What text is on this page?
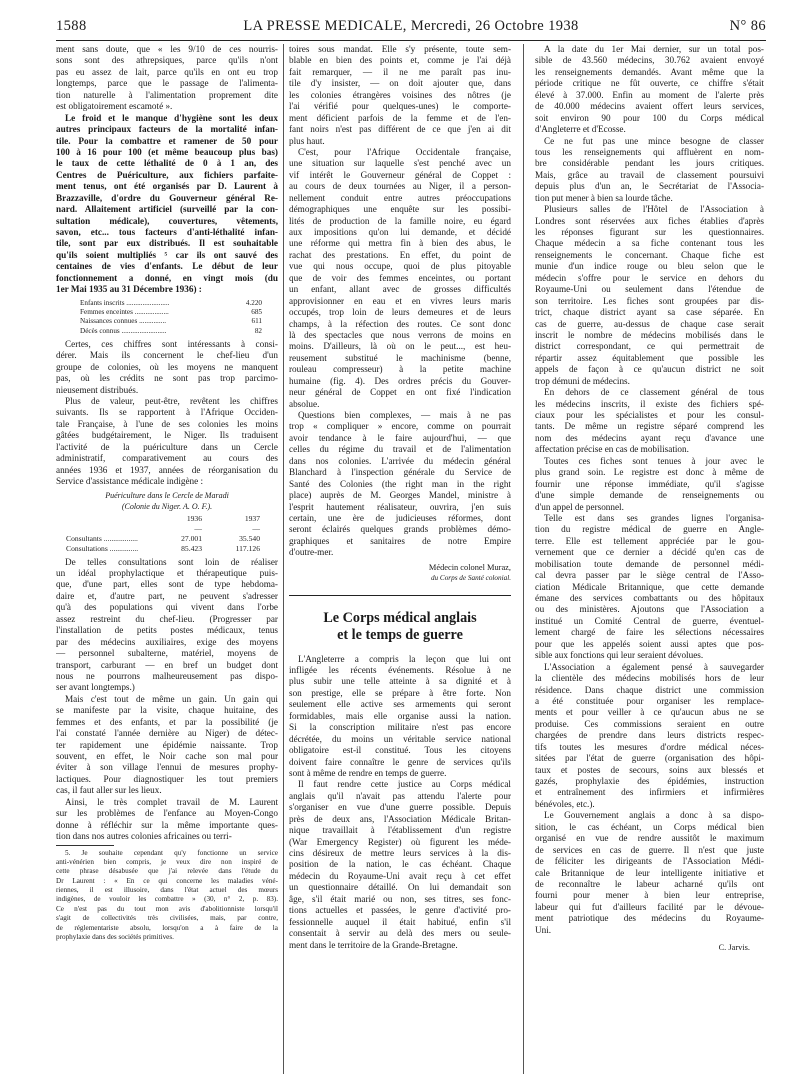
1588	LA PRESSE MEDICALE, Mercredi, 26 Octobre 1938	N° 86
ment sans doute, que « les 9/10 de ces nourris-
sons sont des athrepsiques, parce qu'ils n'ont
pas eu assez de lait, parce qu'ils en ont eu trop
longtemps, parce que le passage de l'alimenta-
tion naturelle à l'alimentation proprement dite
est obligatoirement escamoté ».
Le froid et le manque d'hygiène sont les deux
autres principaux facteurs de la mortalité infan-
tile. Pour la combattre et ramener de 50 pour
100 à 16 pour 100 (et même beaucoup plus bas)
le taux de cette léthalité de 0 à 1 an, des
Centres de Puériculture, aux fichiers parfaite-
ment tenus, ont été organisés par D. Laurent à
Brazzaville, d'ordre du Gouverneur général Re-
nard. Allaitement artificiel (surveillé par la con-
sultation médicale), couvertures, vêtements,
savon, etc... tous facteurs d'anti-léthalité infan-
tile, sont par eux distribués. Il est souhaitable
qu'ils soient multipliés ⁵ car ils ont sauvé des
centaines de vies d'enfants. Le début de leur
fonctionnement a donné, en vingt mois (du
1er Mai 1935 au 31 Décembre 1936) :
Enfants inscrits ........................	4.220
Femmes enceintes ...................	685
Naissances connues ...............	611
Décès connus .........................	82
Certes, ces chiffres sont intéressants à consi-
dérer. Mais ils concernent le chef-lieu d'un
groupe de colonies, où les moyens ne manquent
pas, où les crédits ne sont pas trop parcimo-
nieusement distribués.
Plus de valeur, peut-être, revêtent les chiffres
suivants. Ils se rapportent à l'Afrique Occiden-
tale Française, à l'une de ses colonies les moins
gâtées budgétairement, le Niger. Ils traduisent
l'activité de la puériculture dans un Cercle
administratif, comparativement au cours des
années 1936 et 1937, années de réorganisation du
Service d'assistance médicale indigène :
Puériculture dans le Cercle de Maradi
(Colonie du Niger. A. O. F.).
1936	1937
—	—
Consultants ..................	27.001	35.540
Consultations ...............	85.423	117.126
De telles consultations sont loin de réaliser
un idéal prophylactique et thérapeutique puis-
que, d'une part, elles sont de type hebdoma-
daire et, d'autre part, ne peuvent s'adresser
qu'à des populations qui vivent dans l'orbe
assez restreint du chef-lieu. (Progresser par
l'installation de petits postes médicaux, tenus
par des médecins auxiliaires, exige des moyens
— personnel subalterne, matériel, moyens de
transport, carburant — en bref un budget dont
nous ne pourrons malheureusement pas dispo-
ser avant longtemps.)
Mais c'est tout de même un gain. Un gain qui
se manifeste par la visite, chaque huitaine, des
femmes et des enfants, et par la possibilité (je
l'ai constaté l'année dernière au Niger) de détec-
ter rapidement une épidémie naissante. Trop
souvent, en effet, le Noir cache son mal pour
éviter à son village l'ennui de mesures prophy-
lactiques. Pour diagnostiquer les tout premiers
cas, il faut aller sur les lieux.
Ainsi, le très complet travail de M. Laurent
sur les problèmes de l'enfance au Moyen-Congo
donne à réfléchir sur la même importante ques-
tion dans nos autres colonies africaines ou terri-
5. Je souhaite cependant qu'y fonctionne un service
anti-vénérien bien compris, je veux dire non inspiré de
cette phrase désabusée que j'ai relevée dans l'étude du
Dr Laurent : « En ce qui concerne les maladies véné-
riennes, il est illusoire, dans l'état actuel des mœurs
indigènes, de vouloir les combattre » (30, n° 2, p. 83).
Ce n'est pas du tout mon avis d'abolitionniste lorsqu'il
s'agit de collectivités très civilisées, mais, par contre,
de réglementariste absolu, lorsqu'on a à faire de la
prophylaxie dans des sociétés primitives.
toires sous mandat. Elle s'y présente, toute sem-
blable en bien des points et, comme je l'ai déjà
fait remarquer, — il ne me paraît pas inu-
tile d'y insister, — on doit ajouter que, dans
les colonies étrangères voisines des nôtres (je
l'ai vérifié pour quelques-unes) le comporte-
ment déficient parfois de la femme et de l'en-
fant noirs n'est pas différent de ce que j'en ai dit
plus haut.
C'est, pour l'Afrique Occidentale française,
une situation sur laquelle s'est penché avec un
vif intérêt le Gouverneur général de Coppet :
au cours de deux tournées au Niger, il a person-
nellement conduit entre autres préoccupations
démographiques une enquête sur les possibi-
lités de production de la famille noire, eu égard
aux impositions qu'on lui demande, et décidé
une réforme qui mettra fin à bien des abus, le
rachat des prestations. En effet, du point de
vue qui nous occupe, quoi de plus pitoyable
que de voir des femmes enceintes, ou portant
un enfant, allant avec de grosses difficultés
approvisionner en eau et en vivres leurs maris
occupés, trop loin de leurs demeures et de leurs
champs, à la réfection des routes. Ce sont donc
là des spectacles que nous verrons de moins en
moins. D'ailleurs, là où on le peut..., est heu-
reusement substitué le machinisme (benne,
rouleau compresseur) à la petite machine
humaine (fig. 4). Des ordres précis du Gouver-
neur général de Coppet en ont fixé l'indication
absolue.
Questions bien complexes, — mais à ne pas
trop « compliquer » encore, comme on pourrait
avoir tendance à le faire aujourd'hui, — que
celles du régime du travail et de l'alimentation
dans nos colonies. L'arrivée du médecin général
Blanchard à l'inspection générale du Service de
Santé des Colonies (the right man in the right
place) auprès de M. Georges Mandel, ministre à
l'esprit hautement réalisateur, ouvrira, j'en suis
certain, une ère de judicieuses réformes, dont
seront éclairés quelques grands problèmes démo-
graphiques et sanitaires de notre Empire
d'outre-mer.
Médecin colonel Muraz,
du Corps de Santé colonial.
Le Corps médical anglais
et le temps de guerre
L'Angleterre a compris la leçon que lui ont
infligée les récents événements. Résolue à ne
plus subir une telle atteinte à sa dignité et à
son prestige, elle se prépare à être forte. Non
seulement elle active ses armements qui seront
formidables, mais elle organise aussi la nation.
Si la conscription militaire n'est pas encore
décrétée, du moins un véritable service national
obligatoire est-il constitué. Tous les citoyens
doivent faire connaître le genre de services qu'ils
sont à même de rendre en temps de guerre.
Il faut rendre cette justice au Corps médical
anglais qu'il n'avait pas attendu l'alerte pour
s'organiser en vue d'une guerre possible. Depuis
près de deux ans, l'Association Médicale Britan-
nique travaillait à l'établissement d'un registre
(War Emergency Register) où figurent les méde-
cins désireux de mettre leurs services à la dis-
position de la nation, le cas échéant. Chaque
médecin du Royaume-Uni avait reçu à cet effet
un questionnaire détaillé. On lui demandait son
âge, s'il était marié ou non, ses titres, ses fonc-
tions actuelles et passées, le genre d'activité pro-
fessionnelle auquel il était habitué, enfin s'il
consentait à servir au delà des mers ou seule-
ment dans le territoire de la Grande-Bretagne.
A la date du 1er Mai dernier, sur un total pos-
sible de 43.560 médecins, 30.762 avaient envoyé
les renseignements demandés. Avant même que la
période critique ne fût ouverte, ce chiffre s'était
élevé à 37.000. Enfin au moment de l'alerte près
de 40.000 médecins avaient offert leurs services,
soit environ 90 pour 100 du Corps médical
d'Angleterre et d'Ecosse.
Ce ne fut pas une mince besogne de classer
tous les renseignements qui affluèrent en nom-
bre considérable pendant les jours critiques.
Mais, grâce au travail de classement poursuivi
depuis plus d'un an, le Secrétariat de l'Associa-
tion put mener à bien sa lourde tâche.
Plusieurs salles de l'Hôtel de l'Association à
Londres sont réservées aux fiches établies d'après
les réponses figurant sur les questionnaires.
Chaque médecin a sa fiche contenant tous les
renseignements le concernant. Chaque fiche est
munie d'un indice rouge ou bleu selon que le
médecin s'offre pour le service en dehors du
Royaume-Uni ou seulement dans l'étendue de
son territoire. Les fiches sont groupées par dis-
trict, chaque district ayant sa case séparée. En
cas de guerre, au-dessus de chaque case serait
inscrit le nombre de médecins mobilisés dans le
district correspondant, ce qui permettrait de
répartir assez équitablement que possible les
appels de façon à ce qu'aucun district ne soit
trop démuni de médecins.
En dehors de ce classement général de tous
les médecins inscrits, il existe des fichiers spé-
ciaux pour les spécialistes et pour les consul-
tants. De même un registre séparé comprend les
nom des médecins ayant reçu d'avance une
affectation précise en cas de mobilisation.
Toutes ces fiches sont tenues à jour avec le
plus grand soin. Le registre est donc à même de
fournir une réponse immédiate, qu'il s'agisse
d'une simple demande de renseignements ou
d'un appel de personnel.
Telle est dans ses grandes lignes l'organisa-
tion du registre médical de guerre en Angle-
terre. Elle est tellement appréciée par le gou-
vernement que ce dernier a décidé qu'en cas de
mobilisation toute demande de personnel médi-
cal devra passer par le siège central de l'Asso-
ciation Médicale Britannique, que cette demande
émane des services combattants ou des hôpitaux
ou des ministères. Ajoutons que l'Association a
institué un Comité Central de guerre, éventuel-
lement chargé de faire les sélections nécessaires
pour que les appelés soient aussi aptes que pos-
sible aux fonctions qui leur seraient dévolues.
L'Association a également pensé à sauvegarder
la clientèle des médecins mobilisés hors de leur
résidence. Dans chaque district une commission
a été constituée pour organiser les remplace-
ments et pour veiller à ce qu'aucun abus ne se
produise. Ces commissions seraient en outre
chargées de prendre dans leurs districts respec-
tifs toutes les mesures d'ordre médical néces-
sitées par l'état de guerre (organisation des hôpi-
taux et postes de secours, soins aux blessés et
gazés, prophylaxie des épidémies, instruction
et entraînement des infirmiers et infirmières
bénévoles, etc.).
Le Gouvernement anglais a donc à sa dispo-
sition, le cas échéant, un Corps médical bien
organisé en vue de rendre aussitôt le maximum
de services en cas de guerre. Il n'est que juste
de féliciter les dirigeants de l'Association Médi-
cale Britannique de leur intelligente initiative et
de reconnaître le labeur acharné qu'ils ont
fourni pour mener à bien leur entreprise,
labeur qui fut d'ailleurs facilité par le dévoue-
ment patriotique des médecins du Royaume-
Uni.
C. Jarvis.
